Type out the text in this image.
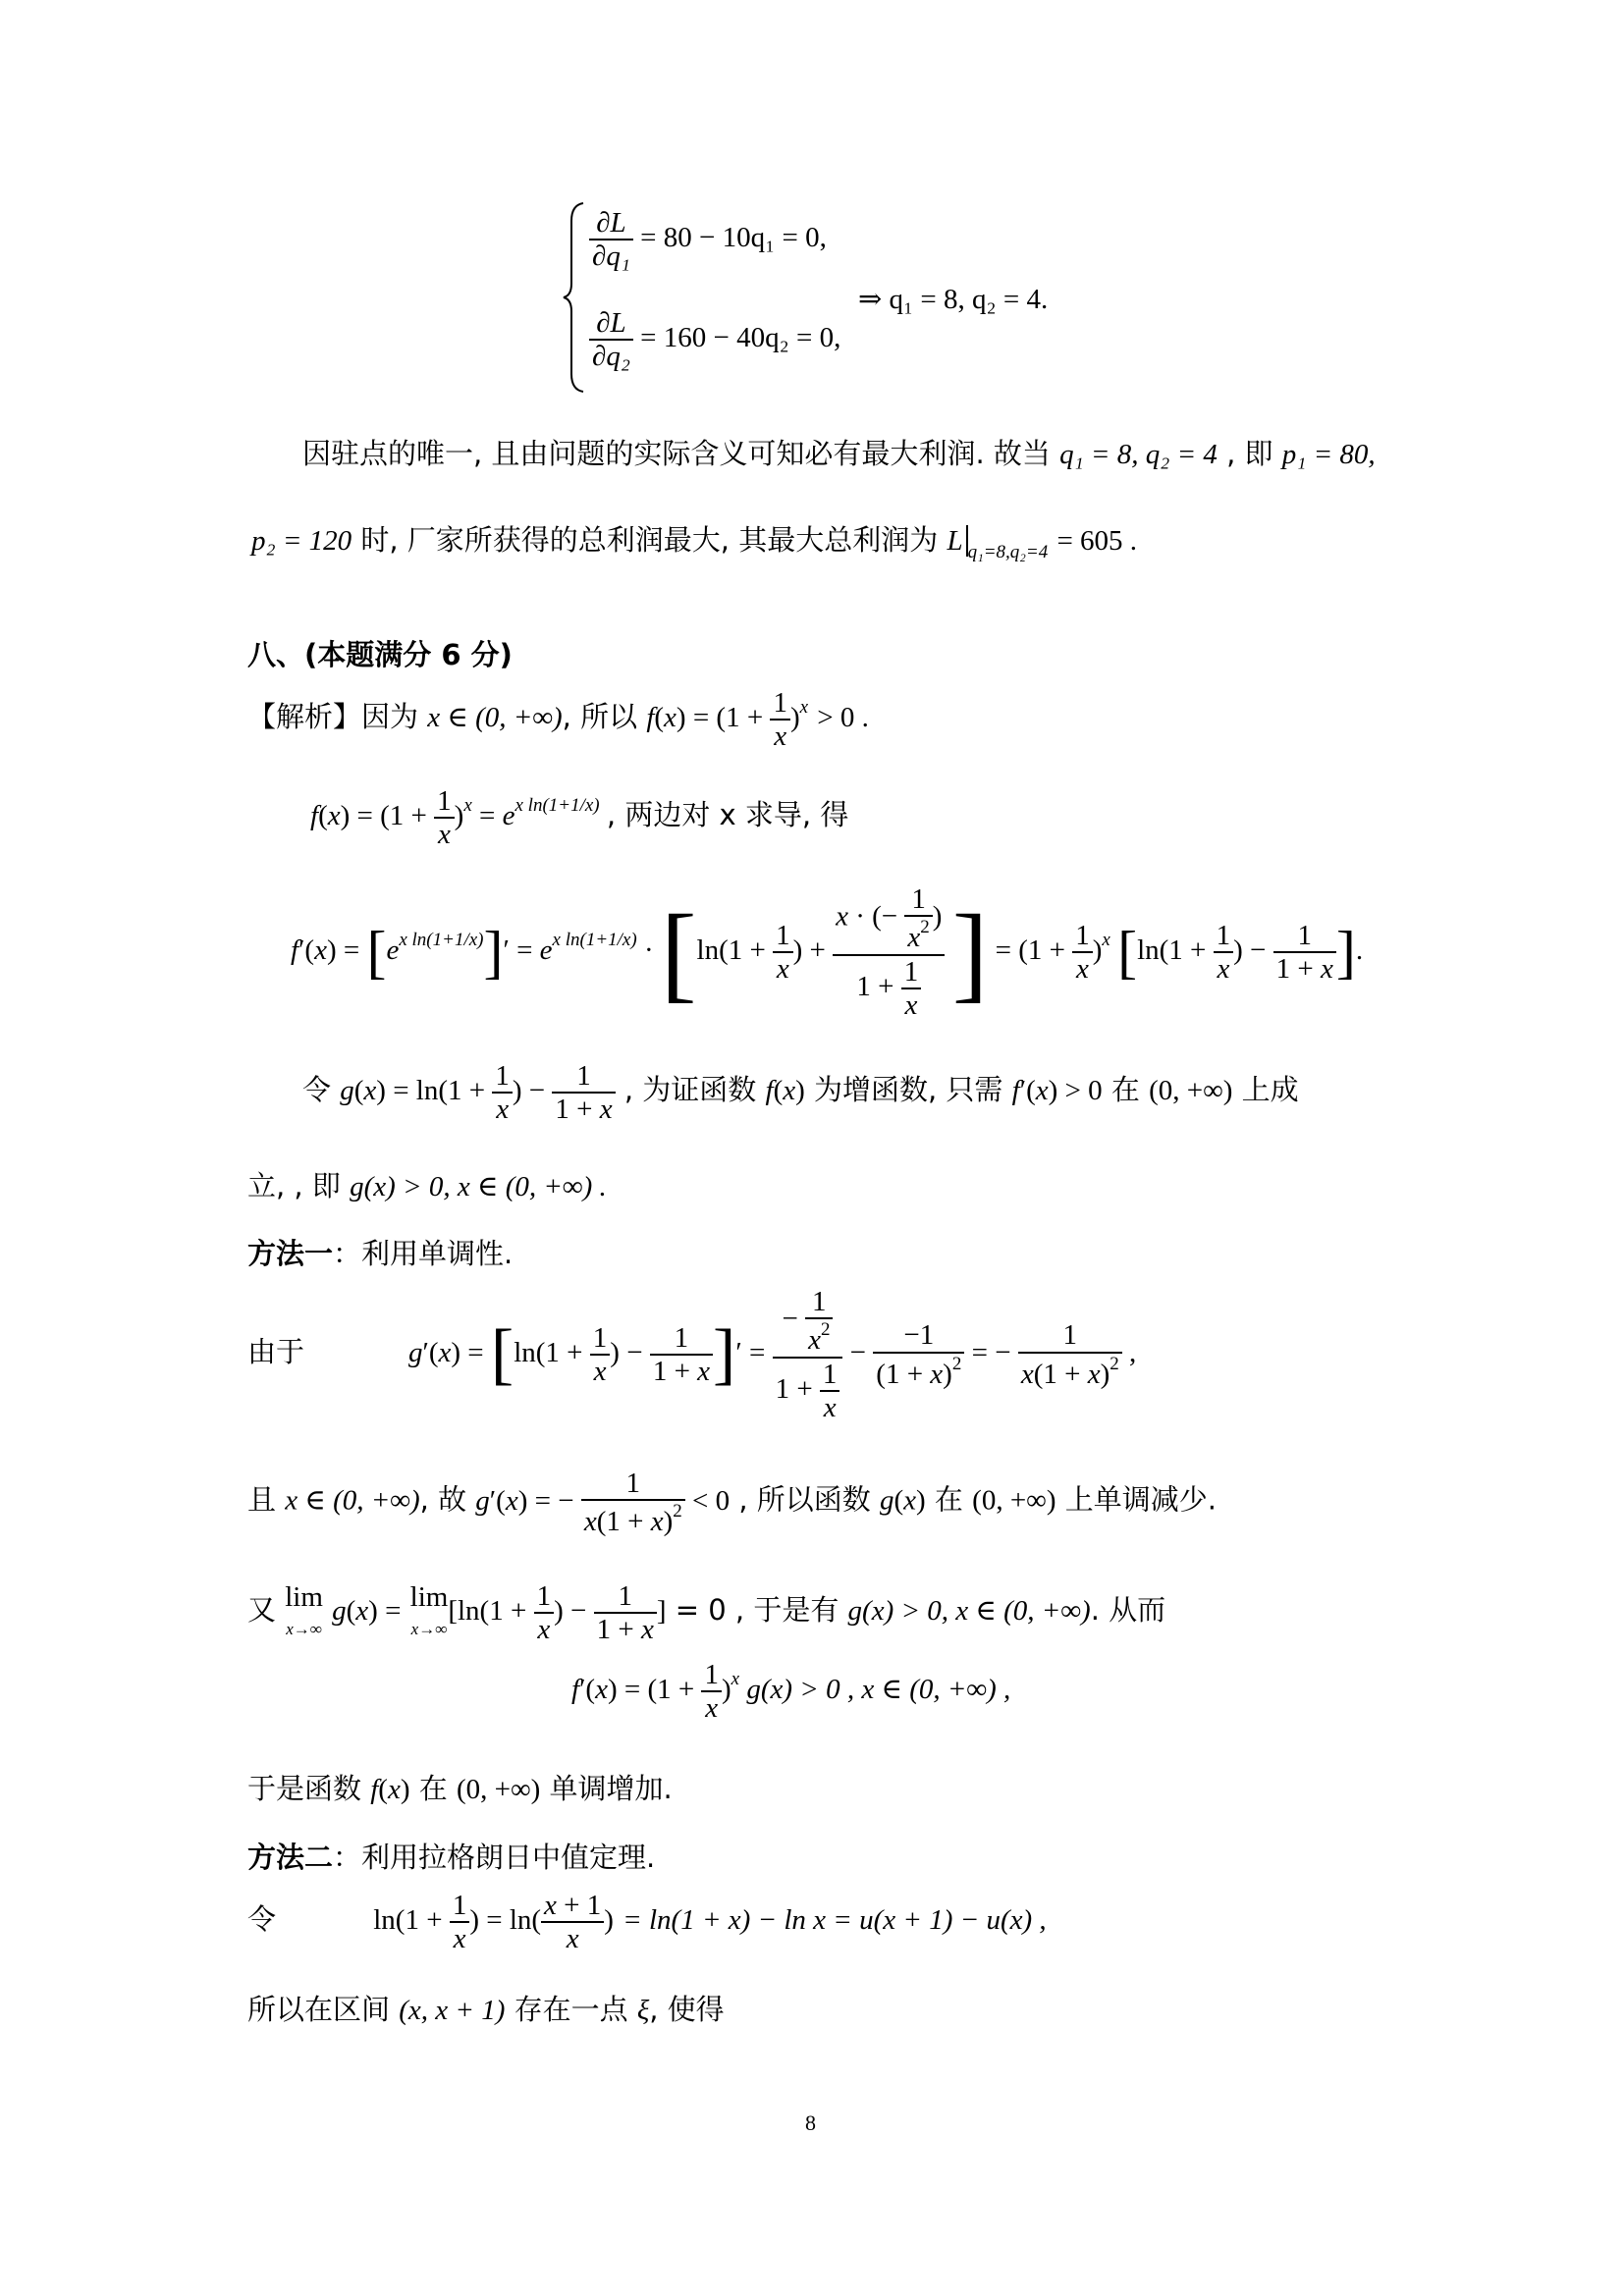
$\frac{\partial L}{\text{∂q₁}} = 80 - 10q_1 = 0$,
$\frac{\partial L}{\text{∂q₂}} = 160 - 40q_2 = 0$,
⇒ q₁ = 8, q₂ = 4.
因驻点的唯一, 且由问题的实际含义可知必有最大利润. 故当 q₁ = 8, q₂ = 4 , 即 p₁ = 80,
p₂ = 120 时, 厂家所获得的总利润最大, 其最大总利润为 L $_{q_1=8,q_2=4}$ = 605 .
八、(本题满分 6 分)
【解析】因为 x ∈ (0, +∞), 所以 $f(x) = (1 + \frac{1}{x} )^x > 0$ .
$f(x) = (1 + \frac{1}{x} )^x = e^{x ln(1+1/x)}$ , 两边对 x 求导, 得
$f'(x) = [e^{x ln(1+1/x)}]' = e^{x ln(1+1/x)} \cdot [\ln(1 + \frac{1}{x}$ ) + $\frac{x \cdot (- \frac{1}{x^2} )}{1 + \frac{1}{x}}$ ] = $(1 + \frac{1}{x} )^x$ [$\ln(1 + \frac{1}{x}$ ) − $\frac{1}{1 + x}$ ].
令 $g(x) = \ln(1 + \frac{1}{x}$ ) − $\frac{1}{1 + x}$ , 为证函数 f(x) 为增函数, 只需 f′(x) > 0 在 (0, +∞) 上成
立, , 即 g(x) > 0, x ∈ (0, +∞) .
方法一：利用单调性.
由于	$g'(x) = [\ln(1 + \frac{1}{x}$ ) − $\frac{1}{1 + x}$ ]′ = $\frac{- \frac{1}{x^2}}{1 + \frac{1}{x}} - \frac{-1}{(1 + x)^2}$ = − $\frac{1}{x(1 + x)^2}$ ,
且 x ∈ (0, +∞), 故 g′(x) = − $\frac{1}{x(1 + x)^2} < 0$ , 所以函数 g(x) 在 (0, +∞) 上单调减少.
又 lim
x→∞ g(x) = lim
$x\to\infty[\ln(1 + \frac{1}{x}$ ) − $\frac{1}{1 + x}$ ] = 0 , 于是有 g(x) > 0, x ∈ (0, +∞). 从而
$f'(x) = (1 + \frac{1}{x} )^x$ g(x) > 0 , x ∈ (0, +∞) ,
于是函数 f(x) 在 (0, +∞) 单调增加.
方法二：利用拉格朗日中值定理.
令	$\ln(1 + \frac{1}{x}$ ) = $\ln( \frac{x + 1}{x}$ ) = ln(1 + x) − ln x = u(x + 1) − u(x) ,
所以在区间 (x, x + 1) 存在一点 ξ, 使得
8
